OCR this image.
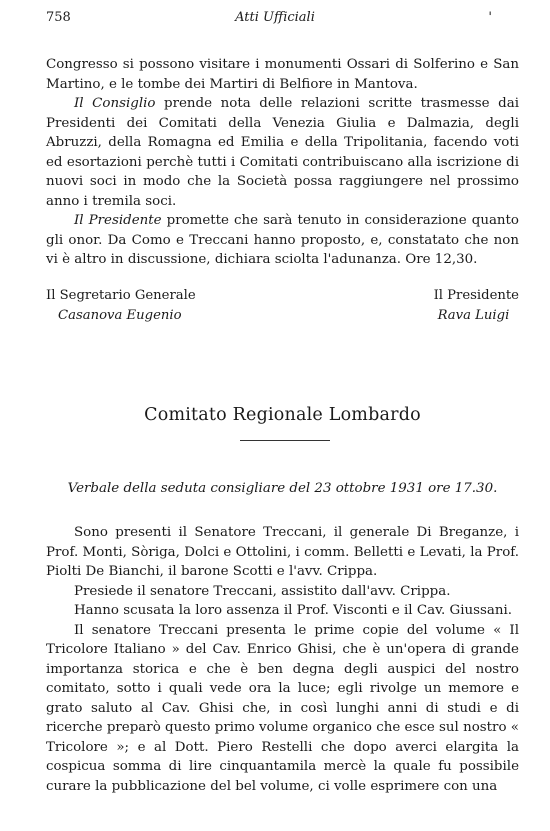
758	Atti Ufficiali	'

Congresso si possono visitare i monumenti Ossari di Solferino e San Martino, e le tombe dei Martiri di Belfiore in Mantova.

Il Consiglio prende nota delle relazioni scritte trasmesse dai Presidenti dei Comitati della Venezia Giulia e Dalmazia, degli Abruzzi, della Romagna ed Emilia e della Tripolitania, facendo voti ed esortazioni perchè tutti i Comitati contribuiscano alla iscrizione di nuovi soci in modo che la Società possa raggiungere nel prossimo anno i tremila soci.

Il Presidente promette che sarà tenuto in considerazione quanto gli onor. Da Como e Treccani hanno proposto, e, constatato che non vi è altro in discussione, dichiara sciolta l'adunanza. Ore 12,30.

Il Segretario Generale
Casanova Eugenio
Il Presidente
Rava Luigi
Comitato Regionale Lombardo
Verbale della seduta consigliare del 23 ottobre 1931 ore 17.30.

Sono presenti il Senatore Treccani, il generale Di Breganze, i Prof. Monti, Sòriga, Dolci e Ottolini, i comm. Belletti e Levati, la Prof. Piolti De Bianchi, il barone Scotti e l'avv. Crippa.

Presiede il senatore Treccani, assistito dall'avv. Crippa.

Hanno scusata la loro assenza il Prof. Visconti e il Cav. Giussani.

Il senatore Treccani presenta le prime copie del volume « Il Tricolore Italiano » del Cav. Enrico Ghisi, che è un'opera di grande importanza storica e che è ben degna degli auspici del nostro comitato, sotto i quali vede ora la luce; egli rivolge un memore e grato saluto al Cav. Ghisi che, in così lunghi anni di studi e di ricerche preparò questo primo volume organico che esce sul nostro « Tricolore »; e al Dott. Piero Restelli che dopo averci elargita la cospicua somma di lire cinquantamila mercè la quale fu possibile curare la pubblicazione del bel volume, ci volle esprimere con una
